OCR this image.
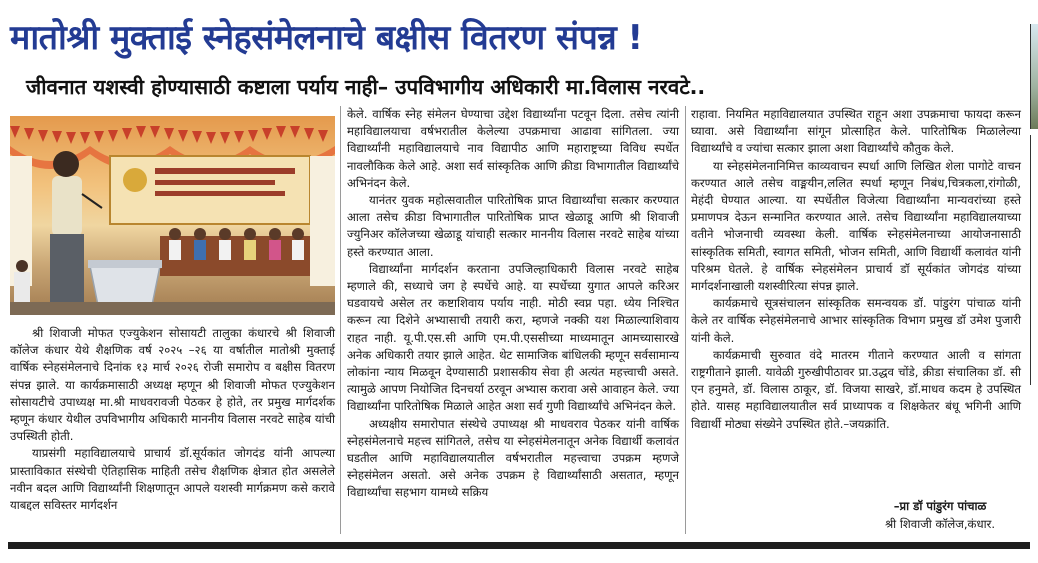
मातोश्री मुक्ताई स्नेहसंमेलनाचे बक्षीस वितरण संपन्न !
जीवनात यशस्वी होण्यासाठी कष्टाला पर्याय नाही– उपविभागीय अधिकारी मा.विलास नरवटे..

श्री शिवाजी मोफत एज्युकेशन सोसायटी तालुका कंधारचे श्री शिवाजी कॉलेज कंधार येथे शैक्षणिक वर्ष २०२५ –२६ या वर्षातील मातोश्री मुक्ताई वार्षिक स्नेहसंमेलनाचे दिनांक १३ मार्च २०२६ रोजी समारोप व बक्षीस वितरण संपन्न झाले. या कार्यक्रमासाठी अध्यक्ष म्हणून श्री शिवाजी मोफत एज्युकेशन सोसायटीचे उपाध्यक्ष मा.श्री माधवरावजी पेठकर हे होते, तर प्रमुख मार्गदर्शक म्हणून कंधार येथील उपविभागीय अधिकारी माननीय विलास नरवटे साहेब यांची उपस्थिती होती.

याप्रसंगी महाविद्यालयाचे प्राचार्य डॉ.सूर्यकांत जोगदंड यांनी आपल्या प्रास्ताविकात संस्थेची ऐतिहासिक माहिती तसेच शैक्षणिक क्षेत्रात होत असलेले नवीन बदल आणि विद्यार्थ्यांनी शिक्षणातून आपले यशस्वी मार्गक्रमण कसे करावे याबद्दल सविस्तर मार्गदर्शन

केले. वार्षिक स्नेह संमेलन घेण्याचा उद्देश विद्यार्थ्यांना पटवून दिला. तसेच त्यांनी महाविद्यालयाचा वर्षभरातील केलेल्या उपक्रमाचा आढावा सांगितला. ज्या विद्यार्थ्यांनी महाविद्यालयाचे नाव विद्यापीठ आणि महाराष्ट्रच्या विविध स्पर्धेत नावलौकिक केले आहे. अशा सर्व सांस्कृतिक आणि क्रीडा विभागातील विद्यार्थ्यांचे अभिनंदन केले.

यानंतर युवक महोत्सवातील पारितोषिक प्राप्त विद्यार्थ्यांचा सत्कार करण्यात आला तसेच क्रीडा विभागातील पारितोषिक प्राप्त खेळाडू आणि श्री शिवाजी ज्युनिअर कॉलेजच्या खेळाडू यांचाही सत्कार माननीय विलास नरवटे साहेब यांच्या हस्ते करण्यात आला.

विद्यार्थ्यांना मार्गदर्शन करताना उपजिल्हाधिकारी विलास नरवटे साहेब म्हणाले की, सध्याचे जग हे स्पर्धेचे आहे. या स्पर्धेच्या युगात आपले करिअर घडवायचे असेल तर कष्टाशिवाय पर्याय नाही. मोठी स्वप्न पहा. ध्येय निश्चित करून त्या दिशेने अभ्यासाची तयारी करा, म्हणजे नक्की यश मिळाल्याशिवाय राहत नाही. यू.पी.एस.सी आणि एम.पी.एससीच्या माध्यमातून आमच्यासारखे अनेक अधिकारी तयार झाले आहेत. थेट सामाजिक बांधिलकी म्हणून सर्वसामान्य लोकांना न्याय मिळवून देण्यासाठी प्रशासकीय सेवा ही अत्यंत महत्त्वाची असते. त्यामुळे आपण नियोजित दिनचर्या ठरवून अभ्यास करावा असे आवाहन केले. ज्या विद्यार्थ्यांना पारितोषिक मिळाले आहेत अशा सर्व गुणी विद्यार्थ्यांचे अभिनंदन केले.

अध्यक्षीय समारोपात संस्थेचे उपाध्यक्ष श्री माधवराव पेठकर यांनी वार्षिक स्नेहसंमेलनाचे महत्त्व सांगितले, तसेच या स्नेहसंमेलनातून अनेक विद्यार्थी कलावंत घडतील आणि महाविद्यालयातील वर्षभरातील महत्त्वाचा उपक्रम म्हणजे स्नेहसंमेलन असतो. असे अनेक उपक्रम हे विद्यार्थ्यांसाठी असतात, म्हणून विद्यार्थ्यांचा सहभाग यामध्ये सक्रिय

राहावा. नियमित महाविद्यालयात उपस्थित राहून अशा उपक्रमाचा फायदा करून घ्यावा. असे विद्यार्थ्यांना सांगून प्रोत्साहित केले. पारितोषिक मिळालेल्या विद्यार्थ्यांचे व ज्यांचा सत्कार झाला अशा विद्यार्थ्यांचे कौतुक केले.

या स्नेहसंमेलनानिमित्त काव्यवाचन स्पर्धा आणि लिखित शेला पागोटे वाचन करण्यात आले तसेच वाङ्मयीन,ललित स्पर्धा म्हणून निबंध,चित्रकला,रांगोळी, मेहंदी घेण्यात आल्या. या स्पर्धेतील विजेत्या विद्यार्थ्यांना मान्यवरांच्या हस्ते प्रमाणपत्र देऊन सन्मानित करण्यात आले. तसेच विद्यार्थ्यांना महाविद्यालयाच्या वतीने भोजनाची व्यवस्था केली. वार्षिक स्नेहसंमेलनाच्या आयोजनासाठी सांस्कृतिक समिती, स्वागत समिती, भोजन समिती, आणि विद्यार्थी कलावंत यांनी परिश्रम घेतले. हे वार्षिक स्नेहसंमेलन प्राचार्य डॉ सूर्यकांत जोगदंड यांच्या मार्गदर्शनाखाली यशस्वीरित्या संपन्न झाले.

कार्यक्रमाचे सूत्रसंचालन सांस्कृतिक समन्वयक डॉ. पांडुरंग पांचाळ यांनी केले तर वार्षिक स्नेहसंमेलनाचे आभार सांस्कृतिक विभाग प्रमुख डॉ उमेश पुजारी यांनी केले.

कार्यक्रमाची सुरुवात वंदे मातरम गीताने करण्यात आली व सांगता राष्ट्रगीताने झाली. यावेळी गुरुखीपीठावर प्रा.उद्धव चोंडे, क्रीडा संचालिका डॉ. सी एन हनुमते, डॉ. विलास ठाकूर, डॉ. विजया साखरे, डॉ.माधव कदम हे उपस्थित होते. यासह महाविद्यालयातील सर्व प्राध्यापक व शिक्षकेतर बंधू भगिनी आणि विद्यार्थी मोठ्या संख्येने उपस्थित होते.–जयक्रांति.

–प्रा डॉ पांडुरंग पांचाळ
श्री शिवाजी कॉलेज,कंधार.
